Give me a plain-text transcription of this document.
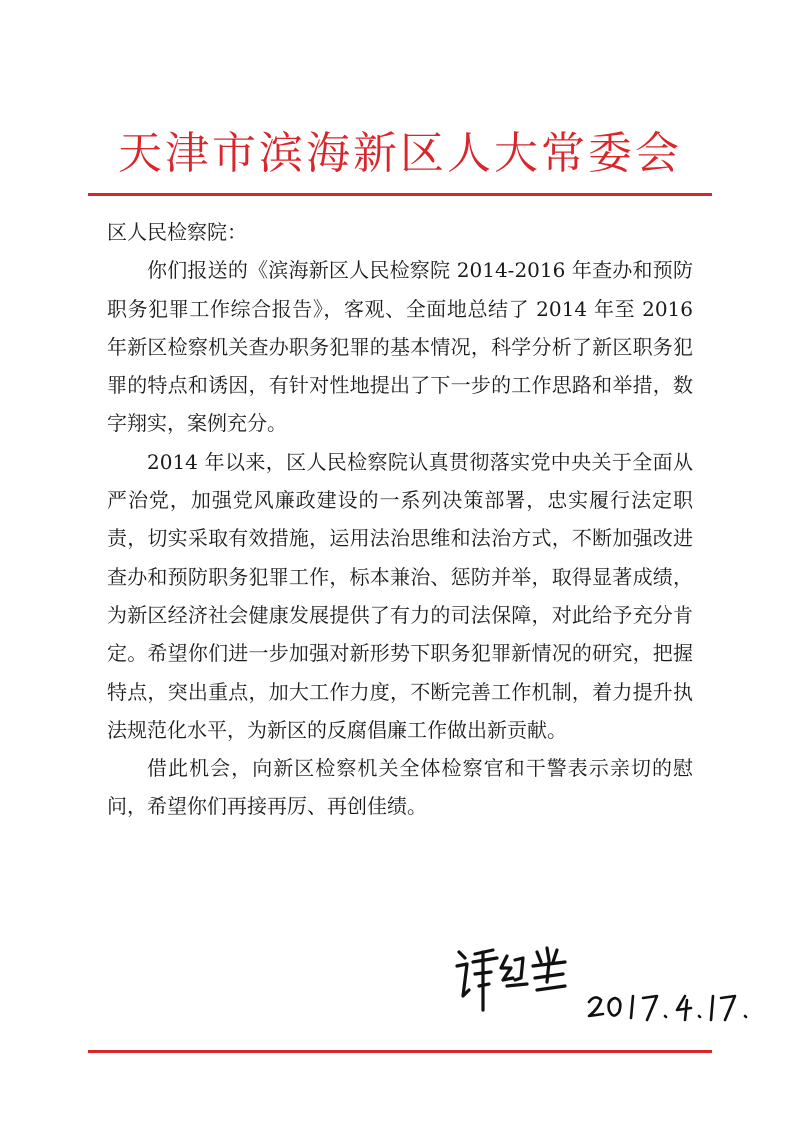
天津市滨海新区人大常委会

区人民检察院：

你们报送的《滨海新区人民检察院 2014-2016 年查办和预防职务犯罪工作综合报告》，客观、全面地总结了 2014 年至 2016 年新区检察机关查办职务犯罪的基本情况，科学分析了新区职务犯罪的特点和诱因，有针对性地提出了下一步的工作思路和举措，数字翔实，案例充分。

2014 年以来，区人民检察院认真贯彻落实党中央关于全面从严治党，加强党风廉政建设的一系列决策部署，忠实履行法定职责，切实采取有效措施，运用法治思维和法治方式，不断加强改进查办和预防职务犯罪工作，标本兼治、惩防并举，取得显著成绩，为新区经济社会健康发展提供了有力的司法保障，对此给予充分肯定。希望你们进一步加强对新形势下职务犯罪新情况的研究，把握特点，突出重点，加大工作力度，不断完善工作机制，着力提升执法规范化水平，为新区的反腐倡廉工作做出新贡献。

借此机会，向新区检察机关全体检察官和干警表示亲切的慰问，希望你们再接再厉、再创佳绩。
